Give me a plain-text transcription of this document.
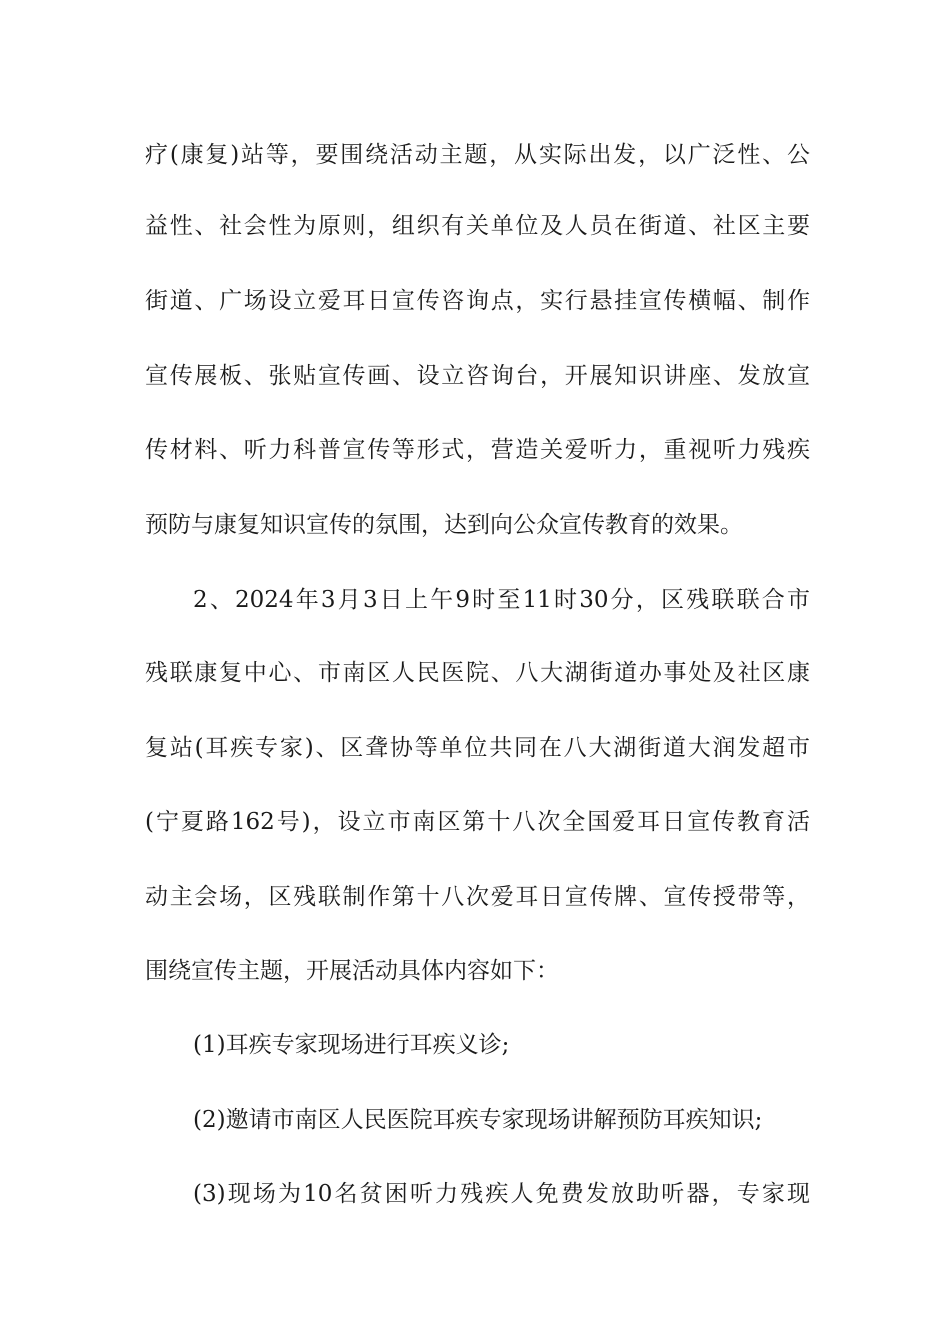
疗(康复)站等，要围绕活动主题，从实际出发，以广泛性、公
益性、社会性为原则，组织有关单位及人员在街道、社区主要
街道、广场设立爱耳日宣传咨询点，实行悬挂宣传横幅、制作
宣传展板、张贴宣传画、设立咨询台，开展知识讲座、发放宣
传材料、听力科普宣传等形式，营造关爱听力，重视听力残疾
预防与康复知识宣传的氛围，达到向公众宣传教育的效果。
2、2024年3月3日上午9时至11时30分，区残联联合市
残联康复中心、市南区人民医院、八大湖街道办事处及社区康
复站(耳疾专家)、区聋协等单位共同在八大湖街道大润发超市
(宁夏路162号)，设立市南区第十八次全国爱耳日宣传教育活
动主会场，区残联制作第十八次爱耳日宣传牌、宣传授带等，
围绕宣传主题，开展活动具体内容如下：
(1)耳疾专家现场进行耳疾义诊;
(2)邀请市南区人民医院耳疾专家现场讲解预防耳疾知识;
(3)现场为10名贫困听力残疾人免费发放助听器，专家现
